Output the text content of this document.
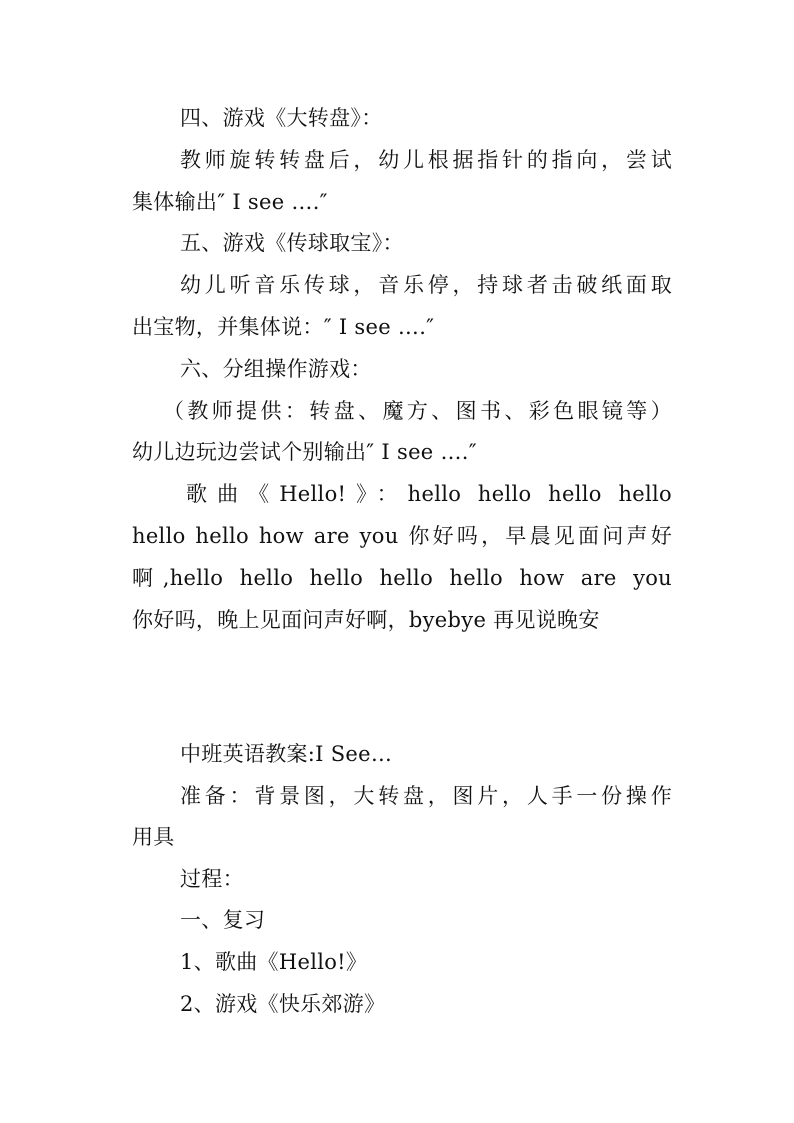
四、游戏《大转盘》：
教师旋转转盘后，幼儿根据指针的指向，尝试
集体输出″ I see ….″
五、游戏《传球取宝》：
幼儿听音乐传球，音乐停，持球者击破纸面取
出宝物，并集体说：″ I see ….″
六、分组操作游戏：
（教师提供：转盘、魔方、图书、彩色眼镜等）
幼儿边玩边尝试个别输出″ I see ….″
歌曲《Hello!》：hello hello hello hello
hello hello how are you 你好吗，早晨见面问声好
啊,hello hello hello hello hello how are you
你好吗，晚上见面问声好啊，byebye 再见说晚安
中班英语教案:I See…
准备：背景图，大转盘，图片，人手一份操作
用具
过程：
一、复习
1、歌曲《Hello!》
2、游戏《快乐郊游》
